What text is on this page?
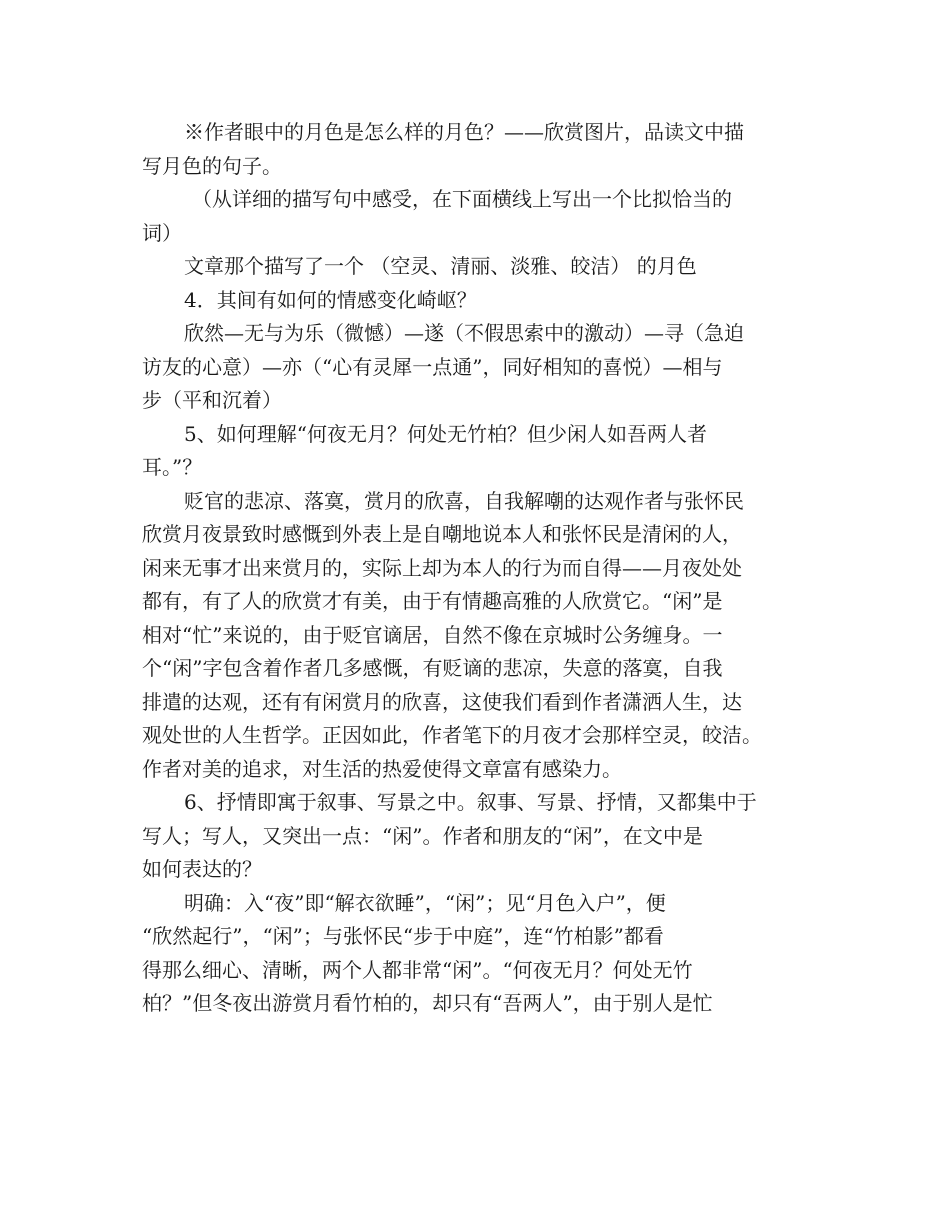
※作者眼中的月色是怎么样的月色？——欣赏图片，品读文中描
写月色的句子。
（从详细的描写句中感受，在下面横线上写出一个比拟恰当的
词）
文章那个描写了一个 （空灵、清丽、淡雅、皎洁） 的月色
4．其间有如何的情感变化崎岖？
欣然—无与为乐（微憾）—遂（不假思索中的激动）—寻（急迫
访友的心意）—亦（“心有灵犀一点通”，同好相知的喜悦）—相与
步（平和沉着）
5、如何理解“何夜无月？何处无竹柏？但少闲人如吾两人者
耳。”？
贬官的悲凉、落寞，赏月的欣喜，自我解嘲的达观作者与张怀民
欣赏月夜景致时感慨到外表上是自嘲地说本人和张怀民是清闲的人，
闲来无事才出来赏月的，实际上却为本人的行为而自得——月夜处处
都有，有了人的欣赏才有美，由于有情趣高雅的人欣赏它。“闲”是
相对“忙”来说的，由于贬官谪居，自然不像在京城时公务缠身。一
个“闲”字包含着作者几多感慨，有贬谪的悲凉，失意的落寞，自我
排遣的达观，还有有闲赏月的欣喜，这使我们看到作者潇洒人生，达
观处世的人生哲学。正因如此，作者笔下的月夜才会那样空灵，皎洁。
作者对美的追求，对生活的热爱使得文章富有感染力。
6、抒情即寓于叙事、写景之中。叙事、写景、抒情，又都集中于
写人；写人，又突出一点：“闲”。作者和朋友的“闲”，在文中是
如何表达的？
明确：入“夜”即“解衣欲睡”，“闲”；见“月色入户”，便
“欣然起行”，“闲”；与张怀民“步于中庭”，连“竹柏影”都看
得那么细心、清晰，两个人都非常“闲”。“何夜无月？何处无竹
柏？”但冬夜出游赏月看竹柏的，却只有“吾两人”，由于别人是忙
